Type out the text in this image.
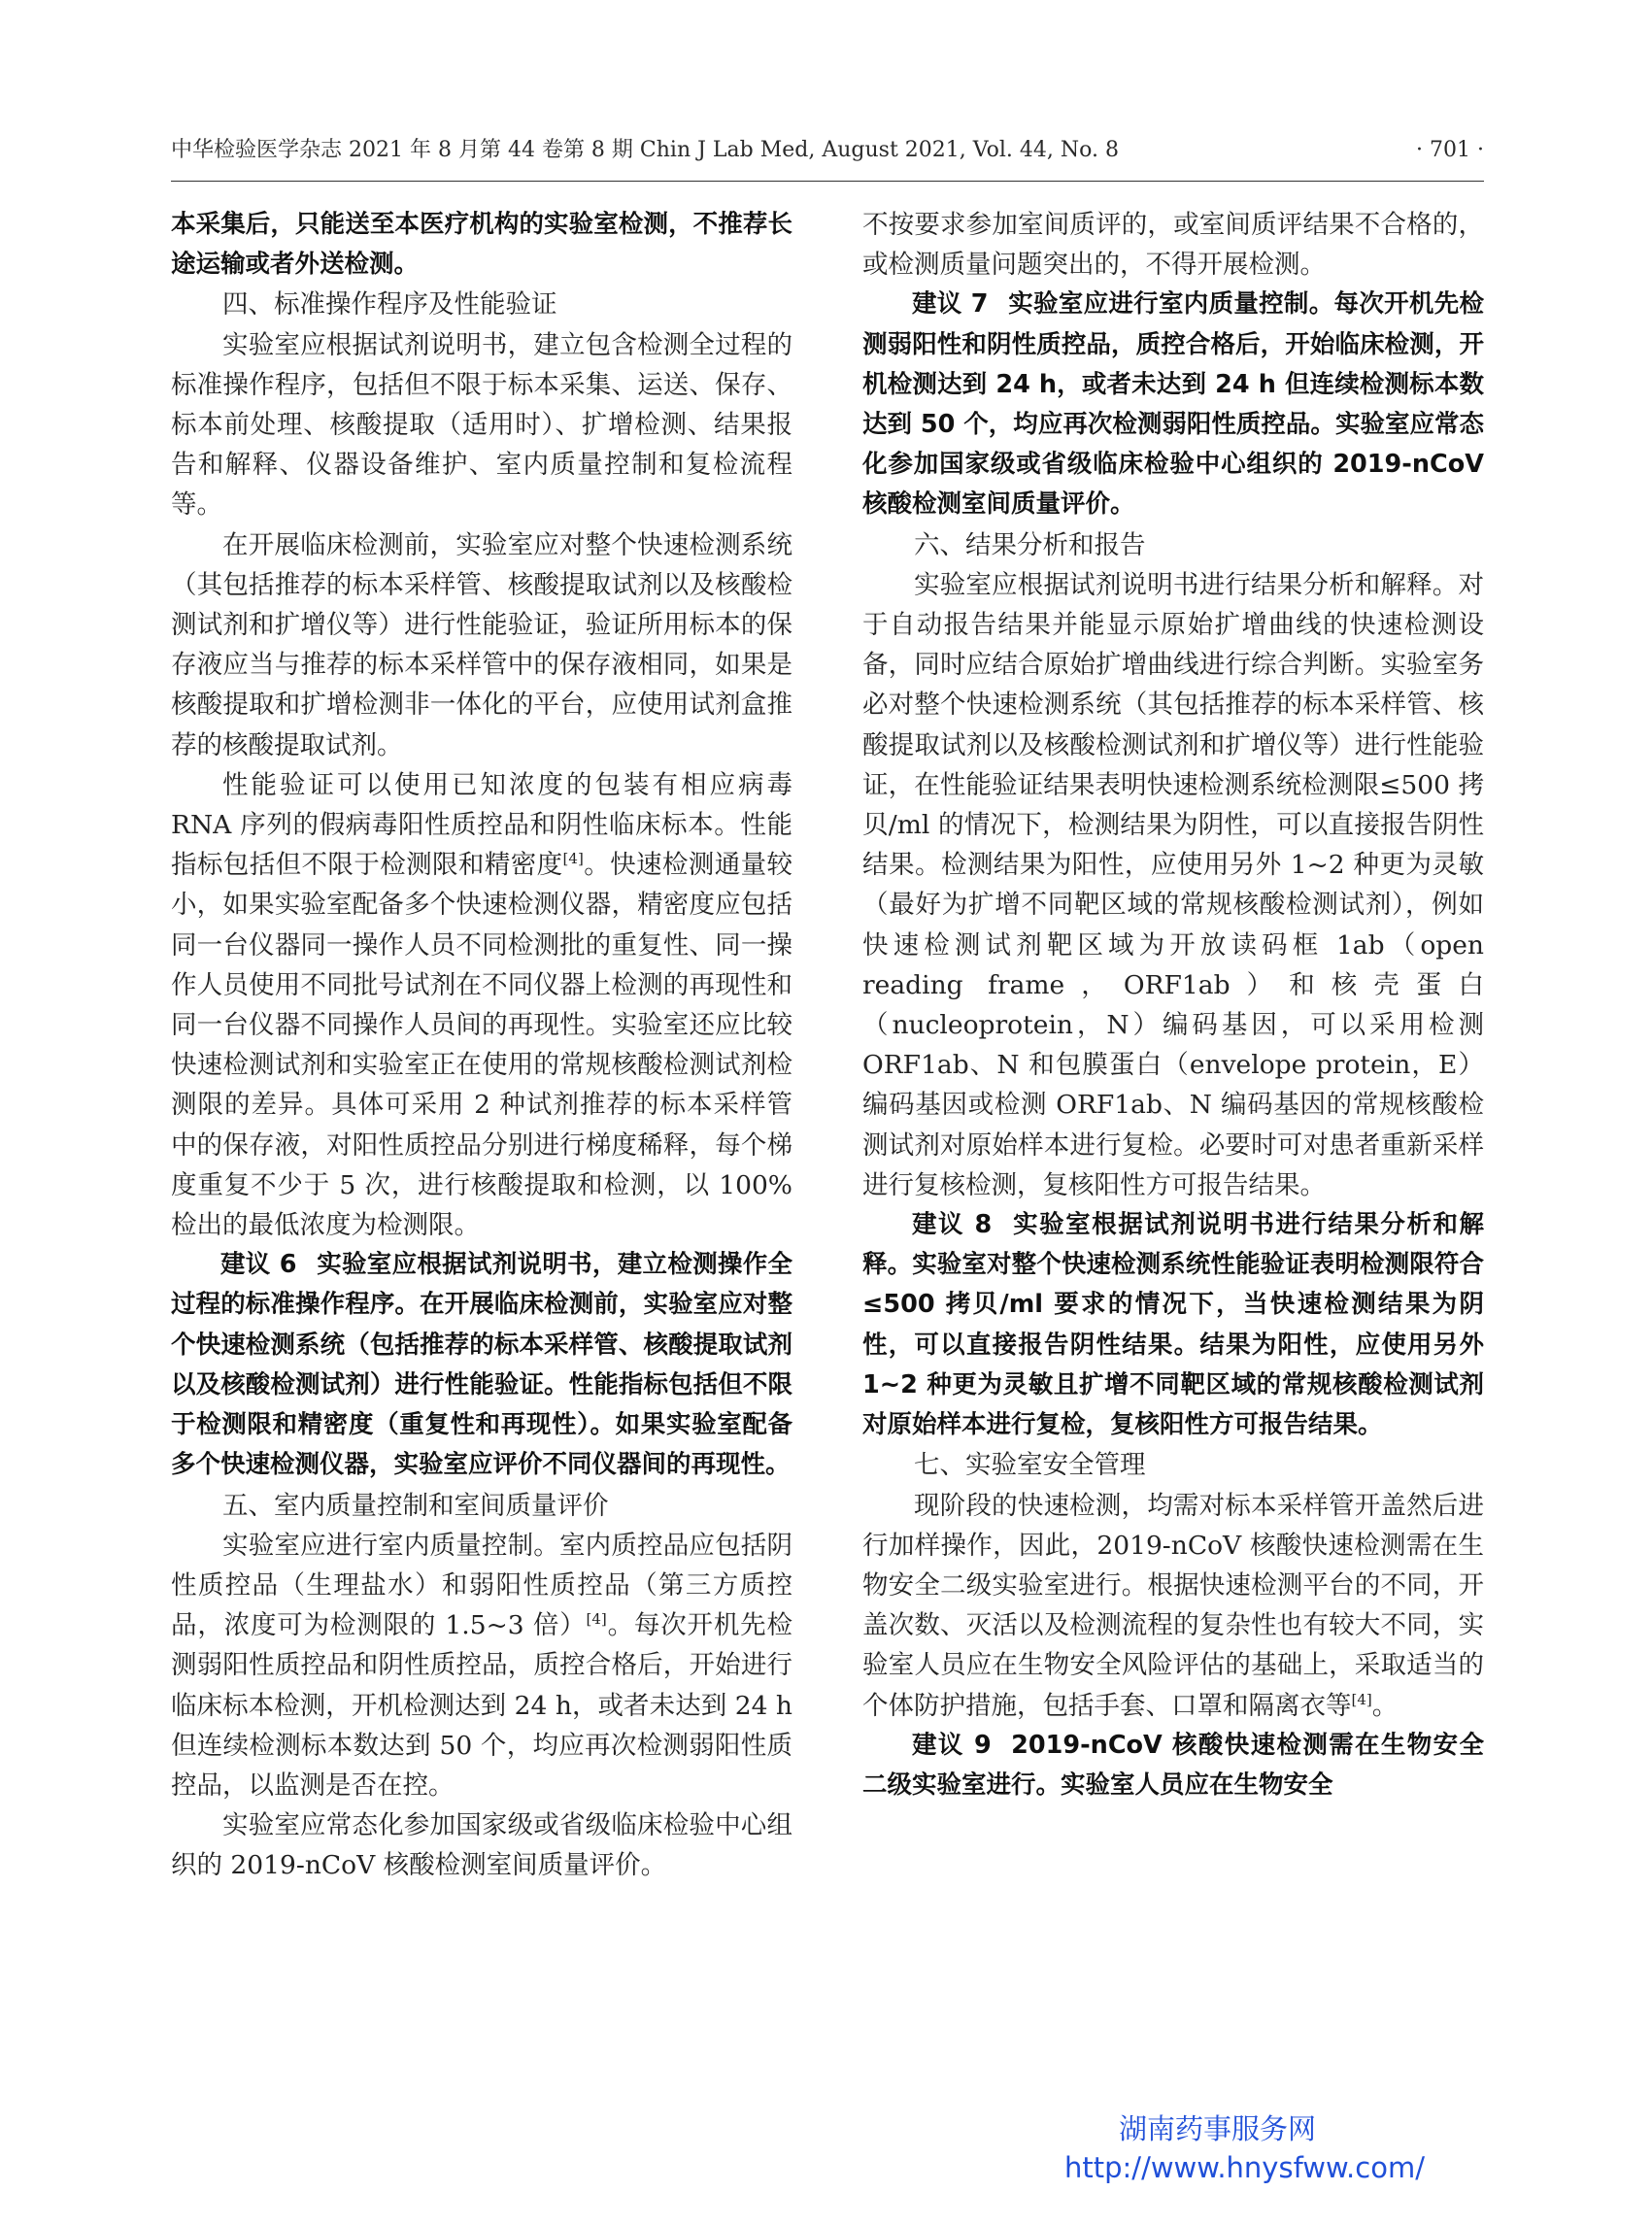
中华检验医学杂志 2021 年 8 月第 44 卷第 8 期 Chin J Lab Med, August 2021, Vol. 44, No. 8	· 701 ·

本采集后，只能送至本医疗机构的实验室检测，不推荐长途运输或者外送检测。

四、标准操作程序及性能验证

实验室应根据试剂说明书，建立包含检测全过程的标准操作程序，包括但不限于标本采集、运送、保存、标本前处理、核酸提取（适用时）、扩增检测、结果报告和解释、仪器设备维护、室内质量控制和复检流程等。

在开展临床检测前，实验室应对整个快速检测系统（其包括推荐的标本采样管、核酸提取试剂以及核酸检测试剂和扩增仪等）进行性能验证，验证所用标本的保存液应当与推荐的标本采样管中的保存液相同，如果是核酸提取和扩增检测非一体化的平台，应使用试剂盒推荐的核酸提取试剂。

性能验证可以使用已知浓度的包装有相应病毒 RNA 序列的假病毒阳性质控品和阴性临床标本。性能指标包括但不限于检测限和精密度[4]。快速检测通量较小，如果实验室配备多个快速检测仪器，精密度应包括同一台仪器同一操作人员不同检测批的重复性、同一操作人员使用不同批号试剂在不同仪器上检测的再现性和同一台仪器不同操作人员间的再现性。实验室还应比较快速检测试剂和实验室正在使用的常规核酸检测试剂检测限的差异。具体可采用 2 种试剂推荐的标本采样管中的保存液，对阳性质控品分别进行梯度稀释，每个梯度重复不少于 5 次，进行核酸提取和检测，以 100% 检出的最低浓度为检测限。

建议 6 实验室应根据试剂说明书，建立检测操作全过程的标准操作程序。在开展临床检测前，实验室应对整个快速检测系统（包括推荐的标本采样管、核酸提取试剂以及核酸检测试剂）进行性能验证。性能指标包括但不限于检测限和精密度（重复性和再现性）。如果实验室配备多个快速检测仪器，实验室应评价不同仪器间的再现性。

五、室内质量控制和室间质量评价

实验室应进行室内质量控制。室内质控品应包括阴性质控品（生理盐水）和弱阳性质控品（第三方质控品，浓度可为检测限的 1.5~3 倍）[4]。每次开机先检测弱阳性质控品和阴性质控品，质控合格后，开始进行临床标本检测，开机检测达到 24 h，或者未达到 24 h 但连续检测标本数达到 50 个，均应再次检测弱阳性质控品，以监测是否在控。

实验室应常态化参加国家级或省级临床检验中心组织的 2019-nCoV 核酸检测室间质量评价。

不按要求参加室间质评的，或室间质评结果不合格的，或检测质量问题突出的，不得开展检测。

建议 7 实验室应进行室内质量控制。每次开机先检测弱阳性和阴性质控品，质控合格后，开始临床检测，开机检测达到 24 h，或者未达到 24 h 但连续检测标本数达到 50 个，均应再次检测弱阳性质控品。实验室应常态化参加国家级或省级临床检验中心组织的 2019-nCoV 核酸检测室间质量评价。

六、结果分析和报告

实验室应根据试剂说明书进行结果分析和解释。对于自动报告结果并能显示原始扩增曲线的快速检测设备，同时应结合原始扩增曲线进行综合判断。实验室务必对整个快速检测系统（其包括推荐的标本采样管、核酸提取试剂以及核酸检测试剂和扩增仪等）进行性能验证，在性能验证结果表明快速检测系统检测限≤500 拷贝/ml 的情况下，检测结果为阴性，可以直接报告阴性结果。检测结果为阳性，应使用另外 1~2 种更为灵敏（最好为扩增不同靶区域的常规核酸检测试剂），例如快速检测试剂靶区域为开放读码框 1ab（open reading frame，ORF1ab）和核壳蛋白（nucleoprotein，N）编码基因，可以采用检测 ORF1ab、N 和包膜蛋白（envelope protein，E）编码基因或检测 ORF1ab、N 编码基因的常规核酸检测试剂对原始样本进行复检。必要时可对患者重新采样进行复核检测，复核阳性方可报告结果。

建议 8 实验室根据试剂说明书进行结果分析和解释。实验室对整个快速检测系统性能验证表明检测限符合≤500 拷贝/ml 要求的情况下，当快速检测结果为阴性，可以直接报告阴性结果。结果为阳性，应使用另外 1~2 种更为灵敏且扩增不同靶区域的常规核酸检测试剂对原始样本进行复检，复核阳性方可报告结果。

七、实验室安全管理

现阶段的快速检测，均需对标本采样管开盖然后进行加样操作，因此，2019-nCoV 核酸快速检测需在生物安全二级实验室进行。根据快速检测平台的不同，开盖次数、灭活以及检测流程的复杂性也有较大不同，实验室人员应在生物安全风险评估的基础上，采取适当的个体防护措施，包括手套、口罩和隔离衣等[4]。

建议 9 2019-nCoV 核酸快速检测需在生物安全二级实验室进行。实验室人员应在生物安全

湖南药事服务网
http://www.hnysfww.com/
